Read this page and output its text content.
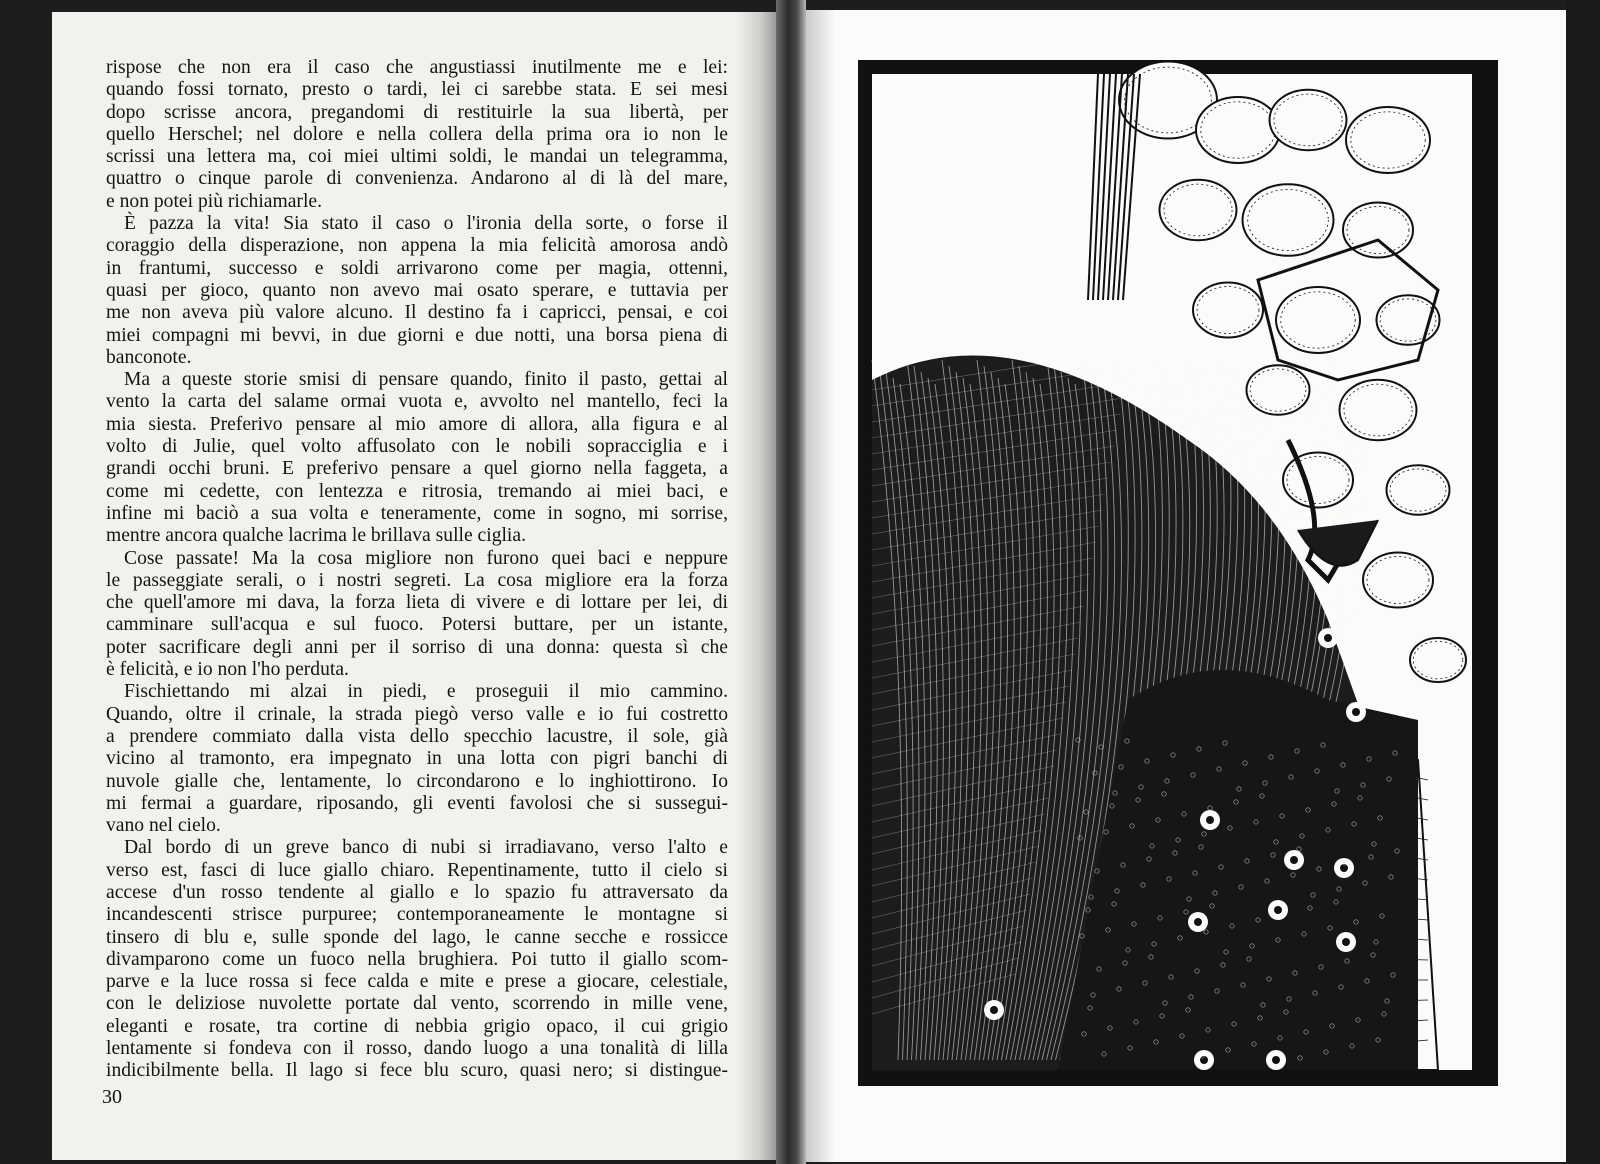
rispose che non era il caso che angustiassi inutilmente me e lei:
quando fossi tornato, presto o tardi, lei ci sarebbe stata. E sei mesi
dopo scrisse ancora, pregandomi di restituirle la sua libertà, per
quello Herschel; nel dolore e nella collera della prima ora io non le
scrissi una lettera ma, coi miei ultimi soldi, le mandai un telegramma,
quattro o cinque parole di convenienza. Andarono al di là del mare,
e non potei più richiamarle.
È pazza la vita! Sia stato il caso o l'ironia della sorte, o forse il
coraggio della disperazione, non appena la mia felicità amorosa andò
in frantumi, successo e soldi arrivarono come per magia, ottenni,
quasi per gioco, quanto non avevo mai osato sperare, e tuttavia per
me non aveva più valore alcuno. Il destino fa i capricci, pensai, e coi
miei compagni mi bevvi, in due giorni e due notti, una borsa piena di
banconote.
Ma a queste storie smisi di pensare quando, finito il pasto, gettai al
vento la carta del salame ormai vuota e, avvolto nel mantello, feci la
mia siesta. Preferivo pensare al mio amore di allora, alla figura e al
volto di Julie, quel volto affusolato con le nobili sopracciglia e i
grandi occhi bruni. E preferivo pensare a quel giorno nella faggeta, a
come mi cedette, con lentezza e ritrosia, tremando ai miei baci, e
infine mi baciò a sua volta e teneramente, come in sogno, mi sorrise,
mentre ancora qualche lacrima le brillava sulle ciglia.
Cose passate! Ma la cosa migliore non furono quei baci e neppure
le passeggiate serali, o i nostri segreti. La cosa migliore era la forza
che quell'amore mi dava, la forza lieta di vivere e di lottare per lei, di
camminare sull'acqua e sul fuoco. Potersi buttare, per un istante,
poter sacrificare degli anni per il sorriso di una donna: questa sì che
è felicità, e io non l'ho perduta.
Fischiettando mi alzai in piedi, e proseguii il mio cammino.
Quando, oltre il crinale, la strada piegò verso valle e io fui costretto
a prendere commiato dalla vista dello specchio lacustre, il sole, già
vicino al tramonto, era impegnato in una lotta con pigri banchi di
nuvole gialle che, lentamente, lo circondarono e lo inghiottirono. Io
mi fermai a guardare, riposando, gli eventi favolosi che si sussegui-
vano nel cielo.
Dal bordo di un greve banco di nubi si irradiavano, verso l'alto e
verso est, fasci di luce giallo chiaro. Repentinamente, tutto il cielo si
accese d'un rosso tendente al giallo e lo spazio fu attraversato da
incandescenti strisce purpuree; contemporaneamente le montagne si
tinsero di blu e, sulle sponde del lago, le canne secche e rossicce
divamparono come un fuoco nella brughiera. Poi tutto il giallo scom-
parve e la luce rossa si fece calda e mite e prese a giocare, celestiale,
con le deliziose nuvolette portate dal vento, scorrendo in mille vene,
eleganti e rosate, tra cortine di nebbia grigio opaco, il cui grigio
lentamente si fondeva con il rosso, dando luogo a una tonalità di lilla
indicibilmente bella. Il lago si fece blu scuro, quasi nero; si distingue-
30
